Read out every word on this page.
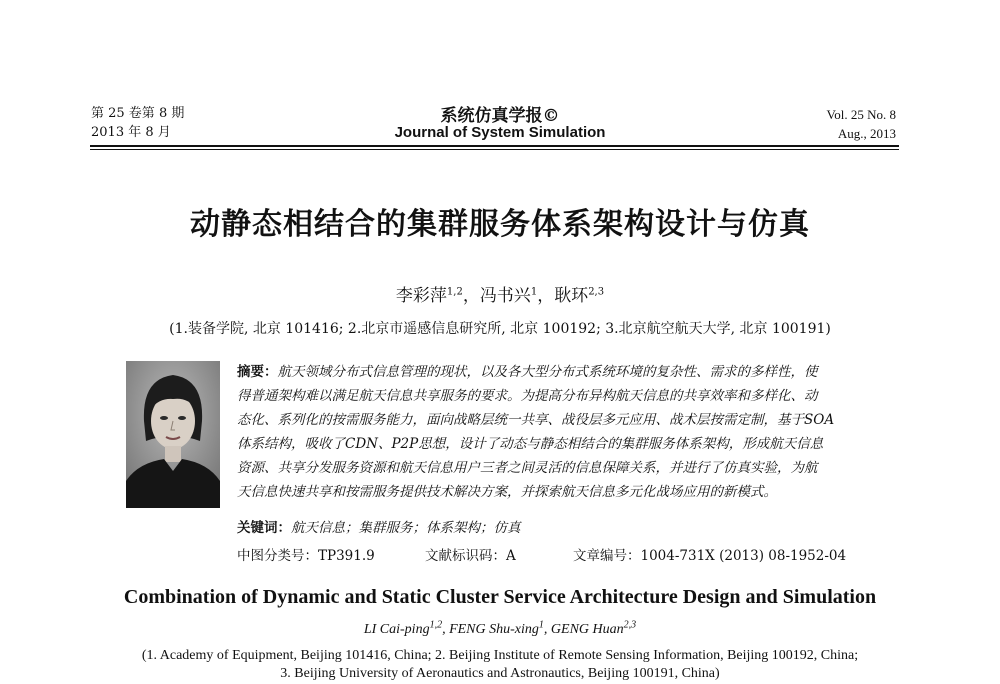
第 25 卷第 8 期
2013 年 8 月
系统仿真学报©
Journal of System Simulation
Vol. 25 No. 8
Aug., 2013
动静态相结合的集群服务体系架构设计与仿真
李彩萍$^{1,2}$，冯书兴$^1$，耿环$^{2,3}$
(1.装备学院, 北京 101416; 2.北京市遥感信息研究所, 北京 100192; 3.北京航空航天大学, 北京 100191)
摘要：航天领域分布式信息管理的现状，以及各大型分布式系统环境的复杂性、需求的多样性，使
得普通架构难以满足航天信息共享服务的要求。为提高分布异构航天信息的共享效率和多样化、动
态化、系列化的按需服务能力，面向战略层统一共享、战役层多元应用、战术层按需定制，基于SOA
体系结构，吸收了CDN、P2P思想，设计了动态与静态相结合的集群服务体系架构，形成航天信息
资源、共享分发服务资源和航天信息用户三者之间灵活的信息保障关系，并进行了仿真实验，为航
天信息快速共享和按需服务提供技术解决方案，并探索航天信息多元化战场应用的新模式。
关键词：航天信息；集群服务；体系架构；仿真
中图分类号：TP391.9	文献标识码：A	文章编号：1004-731X (2013) 08-1952-04
Combination of Dynamic and Static Cluster Service Architecture Design and Simulation
LI Cai-ping$^{1,2}$, FENG Shu-xing$^1$, GENG Huan$^{2,3}$
(1. Academy of Equipment, Beijing 101416, China; 2. Beijing Institute of Remote Sensing Information, Beijing 100192, China;
3. Beijing University of Aeronautics and Astronautics, Beijing 100191, China)
